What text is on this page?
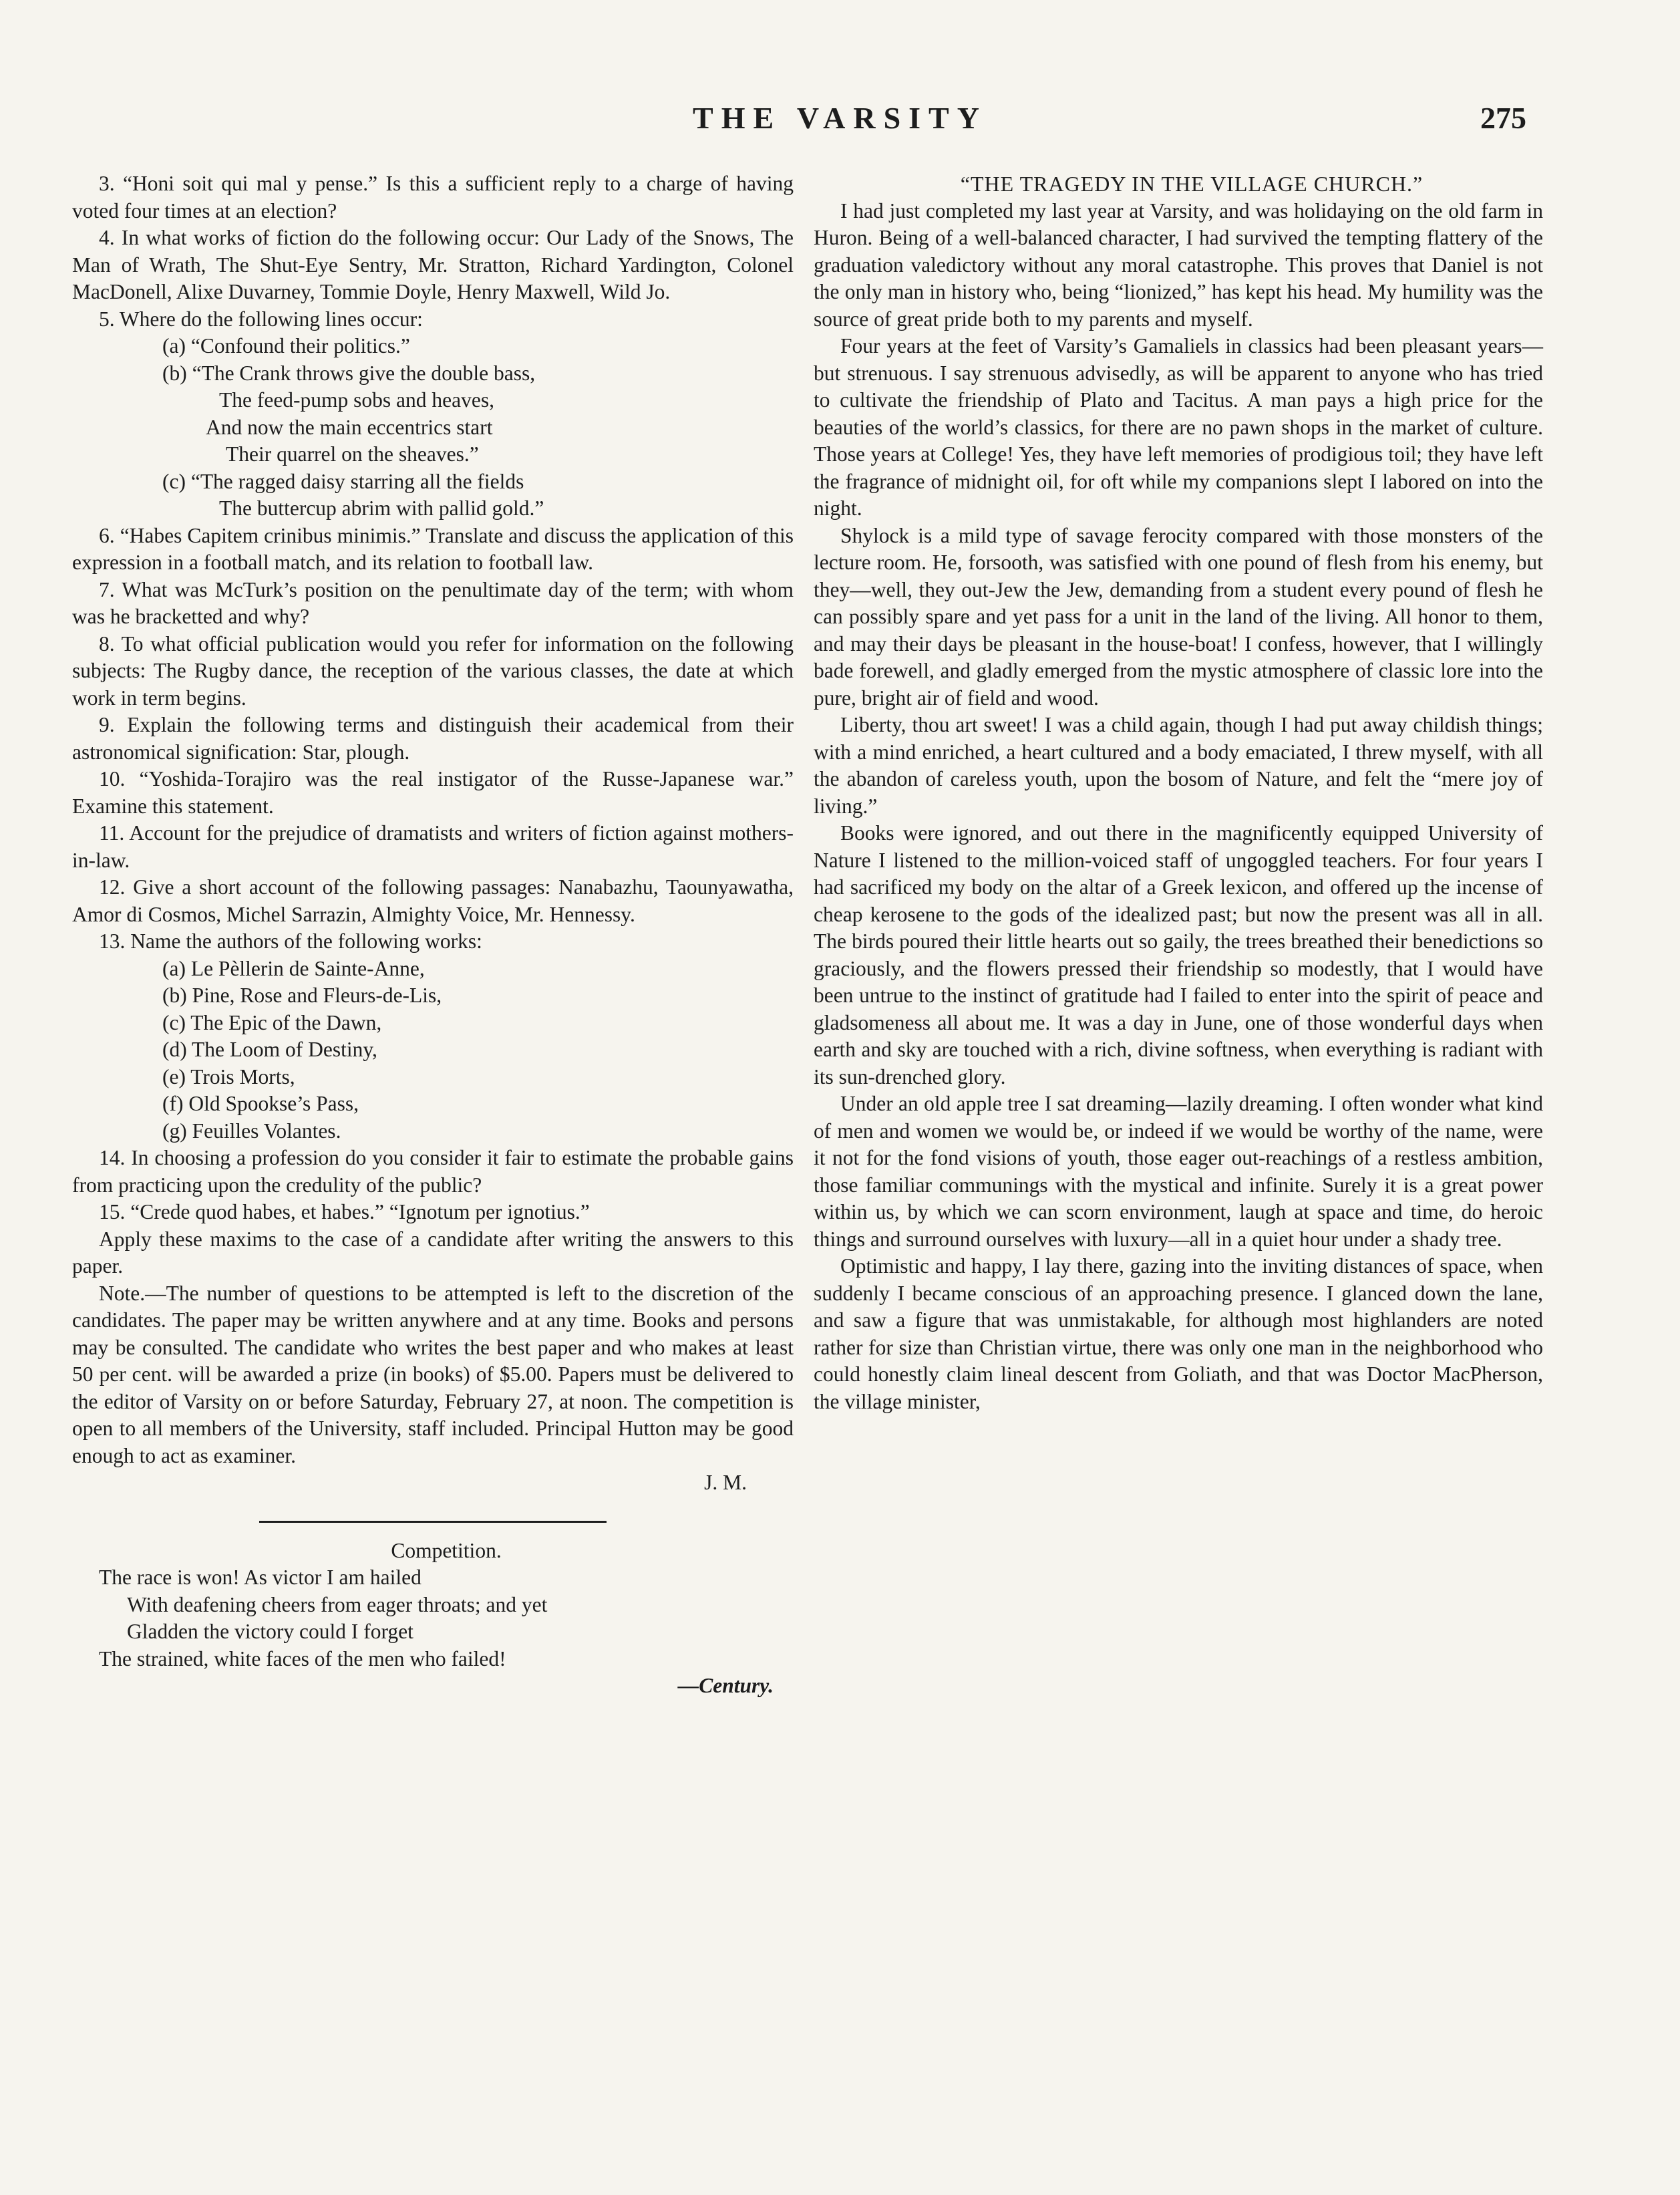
THE VARSITY	275

3. “Honi soit qui mal y pense.” Is this a sufficient reply to a charge of having voted four times at an election?

4. In what works of fiction do the following occur: Our Lady of the Snows, The Man of Wrath, The Shut-Eye Sentry, Mr. Stratton, Richard Yardington, Colonel MacDonell, Alixe Duvarney, Tommie Doyle, Henry Maxwell, Wild Jo.

5. Where do the following lines occur:

(a) “Confound their politics.”

(b) “The Crank throws give the double bass,

The feed-pump sobs and heaves,

And now the main eccentrics start

Their quarrel on the sheaves.”

(c) “The ragged daisy starring all the fields

The buttercup abrim with pallid gold.”

6. “Habes Capitem crinibus minimis.” Translate and discuss the application of this expression in a football match, and its relation to football law.

7. What was McTurk’s position on the penultimate day of the term; with whom was he bracketted and why?

8. To what official publication would you refer for information on the following subjects: The Rugby dance, the reception of the various classes, the date at which work in term begins.

9. Explain the following terms and distinguish their academical from their astronomical signification: Star, plough.

10. “Yoshida-Torajiro was the real instigator of the Russe-Japanese war.” Examine this statement.

11. Account for the prejudice of dramatists and writers of fiction against mothers-in-law.

12. Give a short account of the following passages: Nanabazhu, Taounyawatha, Amor di Cosmos, Michel Sarrazin, Almighty Voice, Mr. Hennessy.

13. Name the authors of the following works:

(a) Le Pèllerin de Sainte-Anne,

(b) Pine, Rose and Fleurs-de-Lis,

(c) The Epic of the Dawn,

(d) The Loom of Destiny,

(e) Trois Morts,

(f) Old Spookse’s Pass,

(g) Feuilles Volantes.

14. In choosing a profession do you consider it fair to estimate the probable gains from practicing upon the credulity of the public?

15. “Crede quod habes, et habes.” “Ignotum per ignotius.”

Apply these maxims to the case of a candidate after writing the answers to this paper.

Note.—The number of questions to be attempted is left to the discretion of the candidates. The paper may be written anywhere and at any time. Books and persons may be consulted. The candidate who writes the best paper and who makes at least 50 per cent. will be awarded a prize (in books) of $5.00. Papers must be delivered to the editor of Varsity on or before Saturday, February 27, at noon. The competition is open to all members of the University, staff included. Principal Hutton may be good enough to act as examiner.

J. M.

Competition.

The race is won! As victor I am hailed

With deafening cheers from eager throats; and yet

Gladden the victory could I forget

The strained, white faces of the men who failed!

—Century.

“THE TRAGEDY IN THE VILLAGE CHURCH.”

I had just completed my last year at Varsity, and was holidaying on the old farm in Huron. Being of a well-balanced character, I had survived the tempting flattery of the graduation valedictory without any moral catastrophe. This proves that Daniel is not the only man in history who, being “lionized,” has kept his head. My humility was the source of great pride both to my parents and myself.

Four years at the feet of Varsity’s Gamaliels in classics had been pleasant years—but strenuous. I say strenuous advisedly, as will be apparent to anyone who has tried to cultivate the friendship of Plato and Tacitus. A man pays a high price for the beauties of the world’s classics, for there are no pawn shops in the market of culture. Those years at College! Yes, they have left memories of prodigious toil; they have left the fragrance of midnight oil, for oft while my companions slept I labored on into the night.

Shylock is a mild type of savage ferocity compared with those monsters of the lecture room. He, forsooth, was satisfied with one pound of flesh from his enemy, but they—well, they out-Jew the Jew, demanding from a student every pound of flesh he can possibly spare and yet pass for a unit in the land of the living. All honor to them, and may their days be pleasant in the house-boat! I confess, however, that I willingly bade forewell, and gladly emerged from the mystic atmosphere of classic lore into the pure, bright air of field and wood.

Liberty, thou art sweet! I was a child again, though I had put away childish things; with a mind enriched, a heart cultured and a body emaciated, I threw myself, with all the abandon of careless youth, upon the bosom of Nature, and felt the “mere joy of living.”

Books were ignored, and out there in the magnificently equipped University of Nature I listened to the million-voiced staff of ungoggled teachers. For four years I had sacrificed my body on the altar of a Greek lexicon, and offered up the incense of cheap kerosene to the gods of the idealized past; but now the present was all in all. The birds poured their little hearts out so gaily, the trees breathed their benedictions so graciously, and the flowers pressed their friendship so modestly, that I would have been untrue to the instinct of gratitude had I failed to enter into the spirit of peace and gladsomeness all about me. It was a day in June, one of those wonderful days when earth and sky are touched with a rich, divine softness, when everything is radiant with its sun-drenched glory.

Under an old apple tree I sat dreaming—lazily dreaming. I often wonder what kind of men and women we would be, or indeed if we would be worthy of the name, were it not for the fond visions of youth, those eager out-reachings of a restless ambition, those familiar communings with the mystical and infinite. Surely it is a great power within us, by which we can scorn environment, laugh at space and time, do heroic things and surround ourselves with luxury—all in a quiet hour under a shady tree.

Optimistic and happy, I lay there, gazing into the inviting distances of space, when suddenly I became conscious of an approaching presence. I glanced down the lane, and saw a figure that was unmistakable, for although most highlanders are noted rather for size than Christian virtue, there was only one man in the neighborhood who could honestly claim lineal descent from Goliath, and that was Doctor MacPherson, the village minister,
